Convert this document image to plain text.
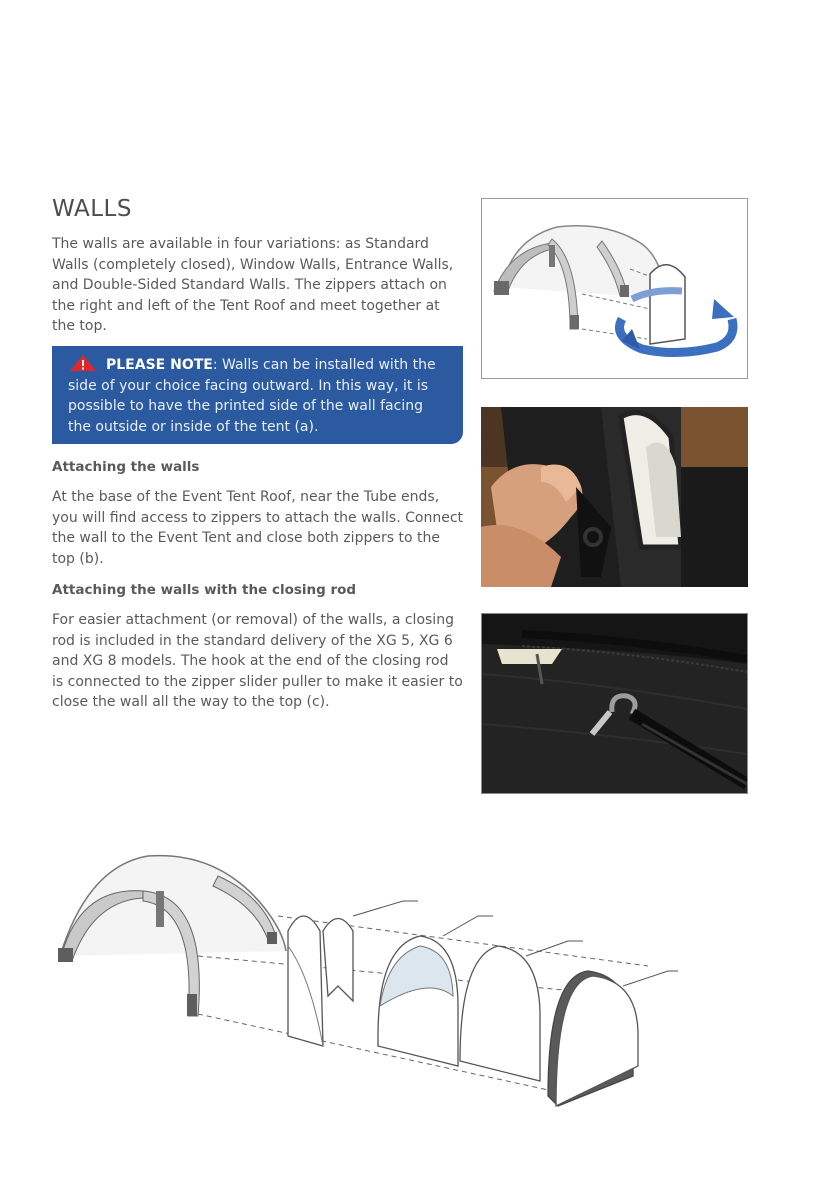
WALLS

The walls are available in four variations: as Standard Walls (completely closed), Window Walls, Entrance Walls, and Double-Sided Standard Walls. The zippers attach on the right and left of the Tent Roof and meet together at the top.

PLEASE NOTE: Walls can be installed with the side of your choice facing outward. In this way, it is possible to have the printed side of the wall facing the outside or inside of the tent (a).
Attaching the walls

At the base of the Event Tent Roof, near the Tube ends, you will find access to zippers to attach the walls. Connect the wall to the Event Tent and close both zippers to the top (b).

Attaching the walls with the closing rod

For easier attachment (or removal) of the walls, a closing rod is included in the standard delivery of the XG 5, XG 6 and XG 8 models. The hook at the end of the closing rod is connected to the zipper slider puller to make it easier to close the wall all the way to the top (c).
